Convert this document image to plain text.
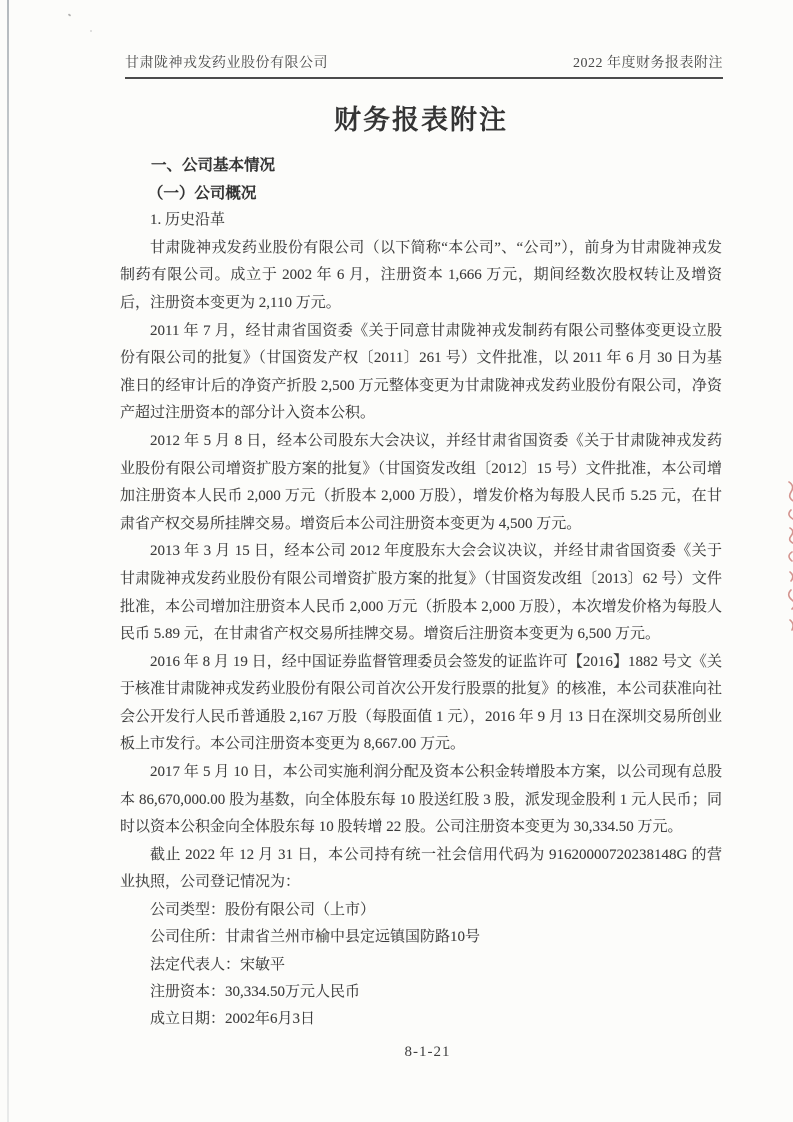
甘肃陇神戎发药业股份有限公司	2022 年度财务报表附注
财务报表附注
一、公司基本情况
（一）公司概况
1. 历史沿革

甘肃陇神戎发药业股份有限公司（以下简称“本公司”、“公司”），前身为甘肃陇神戎发制药有限公司。成立于 2002 年 6 月，注册资本 1,666 万元，期间经数次股权转让及增资后，注册资本变更为 2,110 万元。

2011 年 7 月，经甘肃省国资委《关于同意甘肃陇神戎发制药有限公司整体变更设立股份有限公司的批复》（甘国资发产权〔2011〕261 号）文件批准，以 2011 年 6 月 30 日为基准日的经审计后的净资产折股 2,500 万元整体变更为甘肃陇神戎发药业股份有限公司，净资产超过注册资本的部分计入资本公积。

2012 年 5 月 8 日，经本公司股东大会决议，并经甘肃省国资委《关于甘肃陇神戎发药业股份有限公司增资扩股方案的批复》（甘国资发改组〔2012〕15 号）文件批准，本公司增加注册资本人民币 2,000 万元（折股本 2,000 万股），增发价格为每股人民币 5.25 元，在甘肃省产权交易所挂牌交易。增资后本公司注册资本变更为 4,500 万元。

2013 年 3 月 15 日，经本公司 2012 年度股东大会会议决议，并经甘肃省国资委《关于甘肃陇神戎发药业股份有限公司增资扩股方案的批复》（甘国资发改组〔2013〕62 号）文件批准，本公司增加注册资本人民币 2,000 万元（折股本 2,000 万股），本次增发价格为每股人民币 5.89 元，在甘肃省产权交易所挂牌交易。增资后注册资本变更为 6,500 万元。

2016 年 8 月 19 日，经中国证券监督管理委员会签发的证监许可【2016】1882 号文《关于核准甘肃陇神戎发药业股份有限公司首次公开发行股票的批复》的核准，本公司获准向社会公开发行人民币普通股 2,167 万股（每股面值 1 元），2016 年 9 月 13 日在深圳交易所创业板上市发行。本公司注册资本变更为 8,667.00 万元。

2017 年 5 月 10 日，本公司实施利润分配及资本公积金转增股本方案，以公司现有总股本 86,670,000.00 股为基数，向全体股东每 10 股送红股 3 股，派发现金股利 1 元人民币；同时以资本公积金向全体股东每 10 股转增 22 股。公司注册资本变更为 30,334.50 万元。

截止 2022 年 12 月 31 日，本公司持有统一社会信用代码为 91620000720238148G 的营业执照，公司登记情况为：

公司类型：股份有限公司（上市）
公司住所：甘肃省兰州市榆中县定远镇国防路10号
法定代表人：宋敏平
注册资本：30,334.50万元人民币
成立日期：2002年6月3日
8-1-21
